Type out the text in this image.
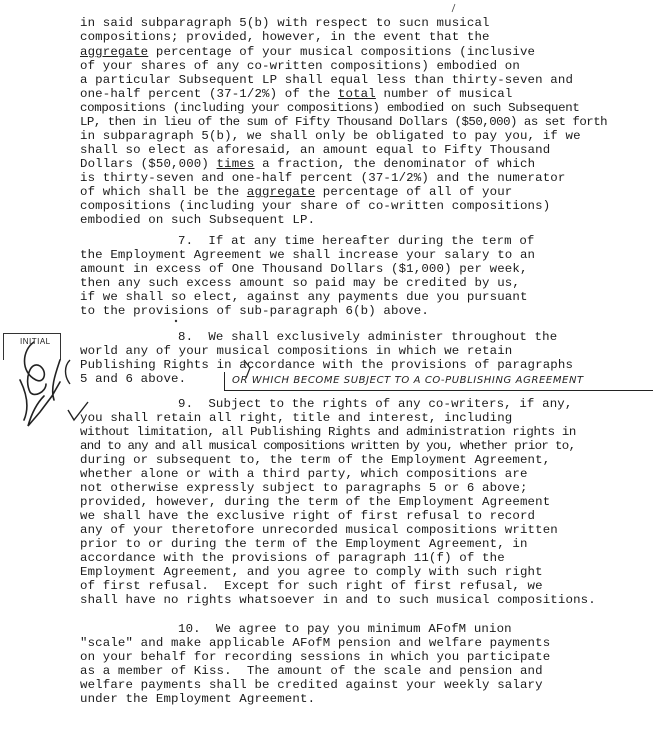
in said subparagraph 5(b) with respect to sucn musical
compositions; provided, however, in the event that the
aggregate percentage of your musical compositions (inclusive
of your shares of any co-written compositions) embodied on
a particular Subsequent LP shall equal less than thirty-seven and
one-half percent (37-1/2%) of the total number of musical
compositions (including your compositions) embodied on such Subsequent
LP, then in lieu of the sum of Fifty Thousand Dollars ($50,000) as set forth
in subparagraph 5(b), we shall only be obligated to pay you, if we
shall so elect as aforesaid, an amount equal to Fifty Thousand
Dollars ($50,000) times a fraction, the denominator of which
is thirty-seven and one-half percent (37-1/2%) and the numerator
of which shall be the aggregate percentage of all of your
compositions (including your share of co-written compositions)
embodied on such Subsequent LP.
7.  If at any time hereafter during the term of
the Employment Agreement we shall increase your salary to an
amount in excess of One Thousand Dollars ($1,000) per week,
then any such excess amount so paid may be credited by us,
if we shall so elect, against any payments due you pursuant
to the provisions of sub-paragraph 6(b) above.
INITIAL	8.  We shall exclusively administer throughout the
world any of your musical compositions in which we retain
Publishing Rights in accordance with the provisions of paragraphs
5 and 6 above.	OR WHICH BECOME SUBJECT TO A CO-PUBLISHING AGREEMENT
9.  Subject to the rights of any co-writers, if any,
you shall retain all right, title and interest, including
without limitation, all Publishing Rights and administration rights in
and to any and all musical compositions written by you, whether prior to,
during or subsequent to, the term of the Employment Agreement,
whether alone or with a third party, which compositions are
not otherwise expressly subject to paragraphs 5 or 6 above;
provided, however, during the term of the Employment Agreement
we shall have the exclusive right of first refusal to record
any of your theretofore unrecorded musical compositions written
prior to or during the term of the Employment Agreement, in
accordance with the provisions of paragraph 11(f) of the
Employment Agreement, and you agree to comply with such right
of first refusal.  Except for such right of first refusal, we
shall have no rights whatsoever in and to such musical compositions.
10.  We agree to pay you minimum AFofM union
"scale" and make applicable AFofM pension and welfare payments
on your behalf for recording sessions in which you participate
as a member of Kiss.  The amount of the scale and pension and
welfare payments shall be credited against your weekly salary
under the Employment Agreement.
